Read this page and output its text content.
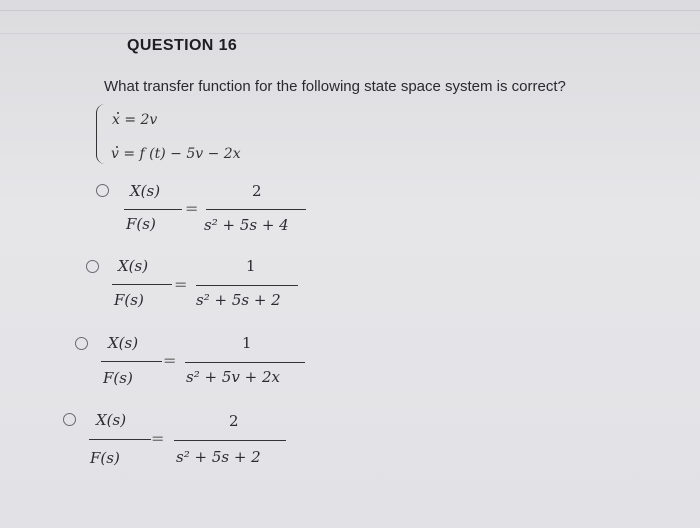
QUESTION 16
What transfer function for the following state space system is correct?
x = 2v
v = f (t) − 5v − 2x
X(s)
F(s)
=
2
s² + 5s + 4
X(s)
F(s)
=
1
s² + 5s + 2
X(s)
F(s)
=
1
s² + 5v + 2x
X(s)
F(s)
=
2
s² + 5s + 2
